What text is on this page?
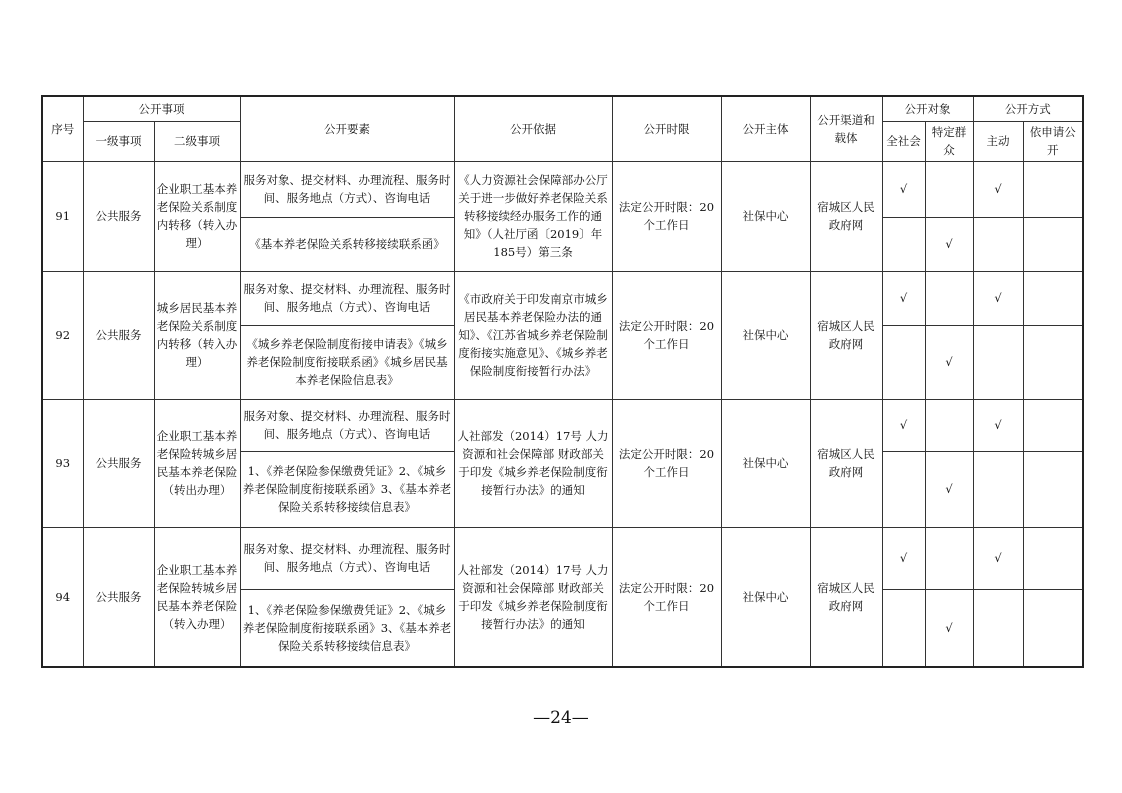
序号	公开事项		公开要素	公开依据	公开时限	公开主体	公开渠道和载体	公开对象		公开方式	
	一级事项	二级事项						全社会	特定群众	主动	依申请公开
91	公共服务	企业职工基本养老保险关系制度内转移（转入办理）	服务对象、提交材料、办理流程、服务时间、服务地点（方式）、咨询电话	《人力资源社会保障部办公厅关于进一步做好养老保险关系转移接续经办服务工作的通知》（人社厅函〔2019〕年185号）第三条	法定公开时限：20个工作日	社保中心	宿城区人民政府网	√		√	
			《基本养老保险关系转移接续联系函》						√		
92	公共服务	城乡居民基本养老保险关系制度内转移（转入办理）	服务对象、提交材料、办理流程、服务时间、服务地点（方式）、咨询电话	《市政府关于印发南京市城乡居民基本养老保险办法的通知》、《江苏省城乡养老保险制度衔接实施意见》、《城乡养老保险制度衔接暂行办法》	法定公开时限：20个工作日	社保中心	宿城区人民政府网	√		√	
			《城乡养老保险制度衔接申请表》《城乡养老保险制度衔接联系函》《城乡居民基本养老保险信息表》						√		
93	公共服务	企业职工基本养老保险转城乡居民基本养老保险（转出办理）	服务对象、提交材料、办理流程、服务时间、服务地点（方式）、咨询电话	人社部发（2014）17号 人力资源和社会保障部 财政部关于印发《城乡养老保险制度衔接暂行办法》的通知	法定公开时限：20个工作日	社保中心	宿城区人民政府网	√		√	
			1、《养老保险参保缴费凭证》2、《城乡养老保险制度衔接联系函》3、《基本养老保险关系转移接续信息表》						√		
94	公共服务	企业职工基本养老保险转城乡居民基本养老保险（转入办理）	服务对象、提交材料、办理流程、服务时间、服务地点（方式）、咨询电话	人社部发（2014）17号 人力资源和社会保障部 财政部关于印发《城乡养老保险制度衔接暂行办法》的通知	法定公开时限：20个工作日	社保中心	宿城区人民政府网	√		√	
			1、《养老保险参保缴费凭证》2、《城乡养老保险制度衔接联系函》3、《基本养老保险关系转移接续信息表》						√		
—24—
